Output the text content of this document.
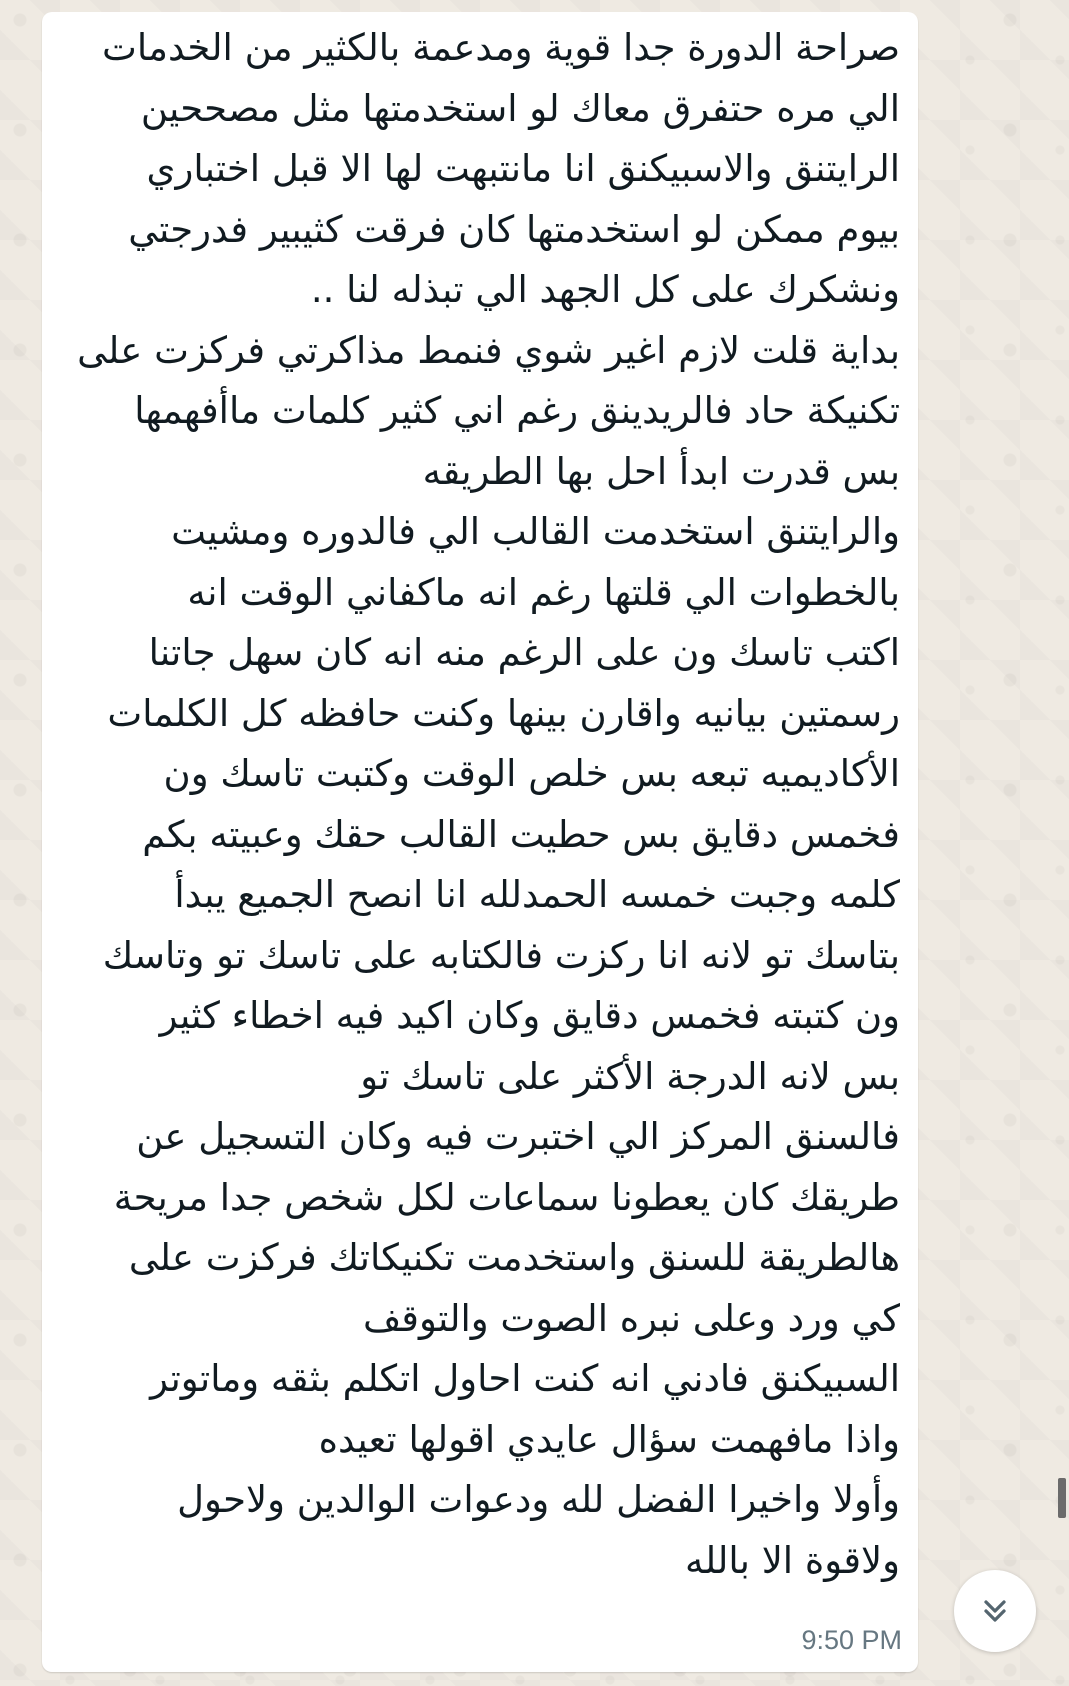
صراحة الدورة جدا قوية ومدعمة بالكثير من الخدمات
الي مره حتفرق معاك لو استخدمتها مثل مصححين
الرايتنق والاسبيكنق انا مانتبهت لها الا قبل اختباري
بيوم ممكن لو استخدمتها كان فرقت كثيبير فدرجتي
ونشكرك على كل الجهد الي تبذله لنا ..
بداية قلت لازم اغير شوي فنمط مذاكرتي فركزت على
تكنيكة حاد فالريدينق رغم اني كثير كلمات ماأفهمها
بس قدرت ابدأ احل بها الطريقه
والرايتنق استخدمت القالب الي فالدوره ومشيت
بالخطوات الي قلتها رغم انه ماكفاني الوقت انه
اكتب تاسك ون على الرغم منه انه كان سهل جاتنا
رسمتين بيانيه واقارن بينها وكنت حافظه كل الكلمات
الأكاديميه تبعه بس خلص الوقت وكتبت تاسك ون
فخمس دقايق بس حطيت القالب حقك وعبيته بكم
كلمه وجبت خمسه الحمدلله انا انصح الجميع يبدأ
بتاسك تو لانه انا ركزت فالكتابه على تاسك تو وتاسك
ون كتبته فخمس دقايق وكان اكيد فيه اخطاء كثير
بس لانه الدرجة الأكثر على تاسك تو
فالسنق المركز الي اختبرت فيه وكان التسجيل عن
طريقك كان يعطونا سماعات لكل شخص جدا مريحة
هالطريقة للسنق واستخدمت تكنيكاتك فركزت على
كي ورد وعلى نبره الصوت والتوقف
السبيكنق فادني انه كنت احاول اتكلم بثقه وماتوتر
واذا مافهمت سؤال عايدي اقولها تعيده
وأولا واخيرا الفضل لله ودعوات الوالدين ولاحول
ولاقوة الا بالله
9:50 PM
